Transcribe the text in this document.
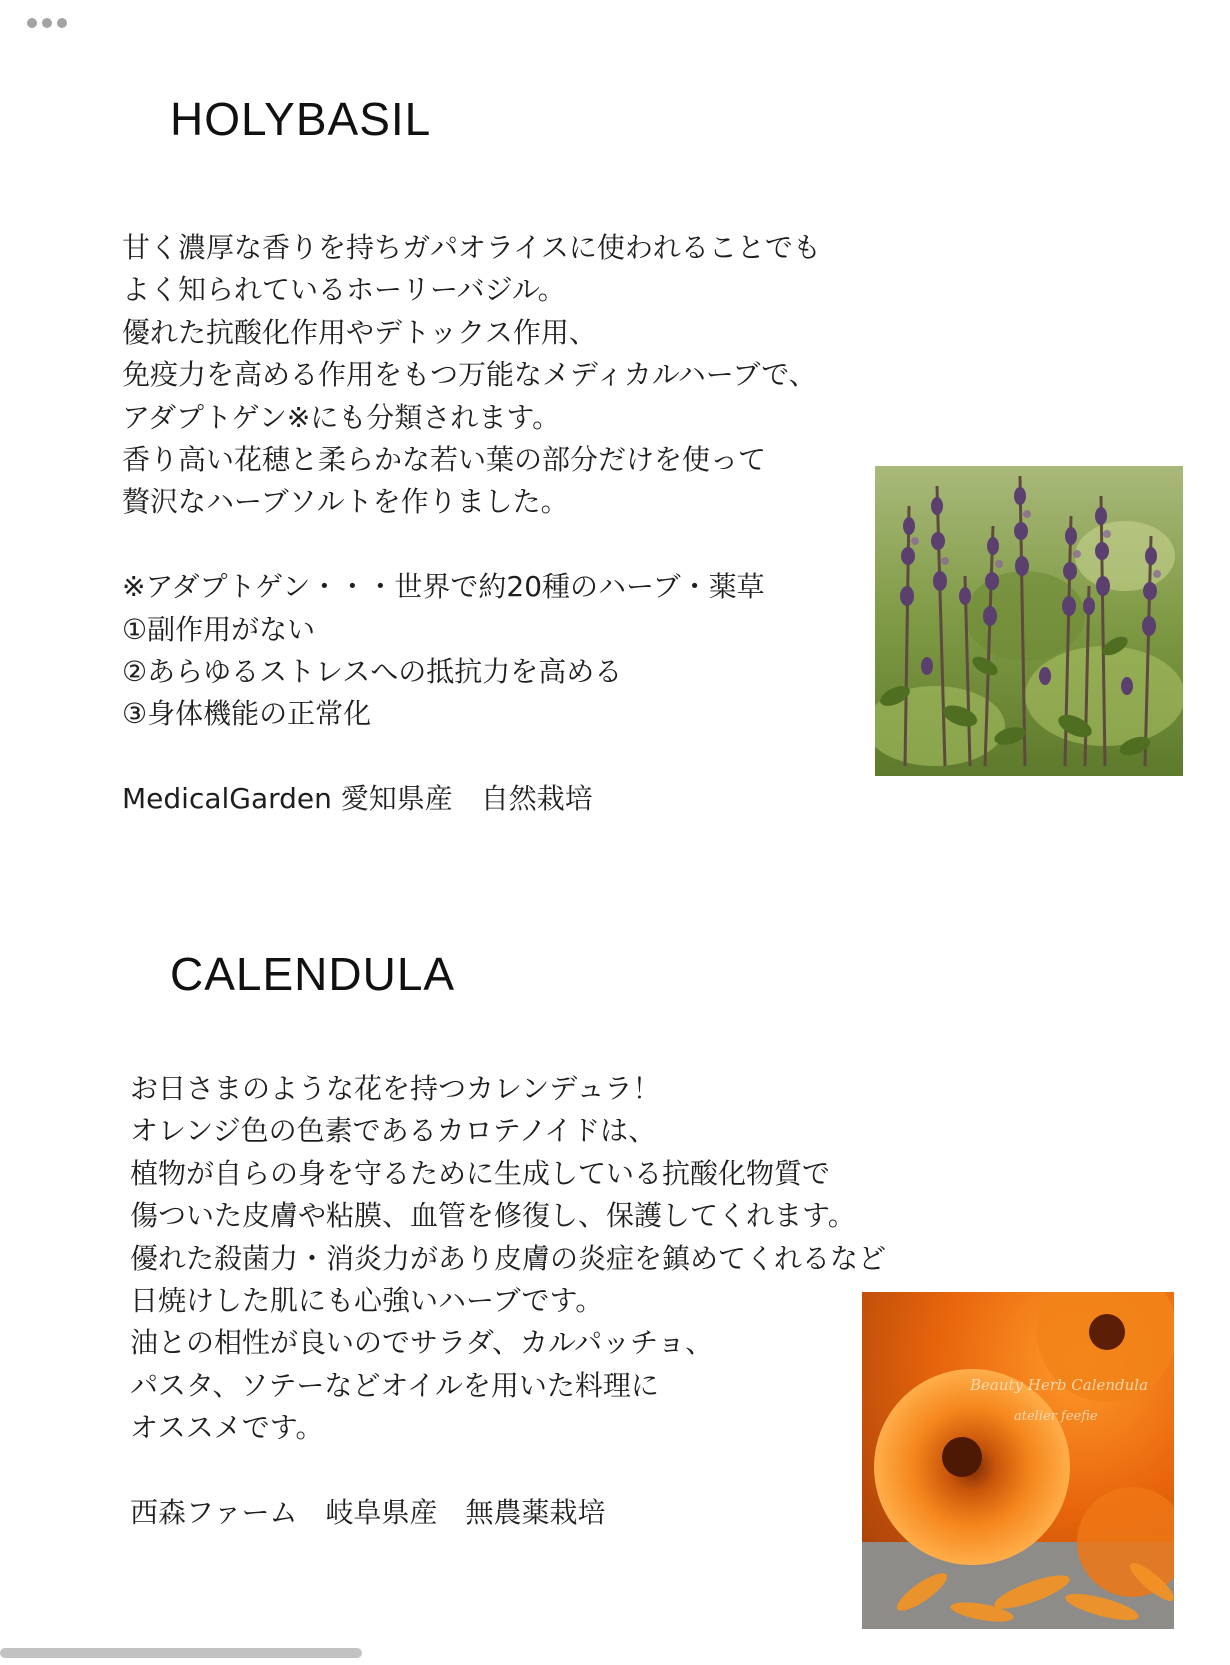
HOLYBASIL
甘く濃厚な香りを持ちガパオライスに使われることでも
よく知られているホーリーバジル。
優れた抗酸化作用やデトックス作用、
免疫力を高める作用をもつ万能なメディカルハーブで、
アダプトゲン※にも分類されます。
香り高い花穂と柔らかな若い葉の部分だけを使って
贅沢なハーブソルトを作りました。
※アダプトゲン・・・世界で約20種のハーブ・薬草
①副作用がない
②あらゆるストレスへの抵抗力を高める
③身体機能の正常化
MedicalGarden 愛知県産　自然栽培
CALENDULA
お日さまのような花を持つカレンデュラ！
オレンジ色の色素であるカロテノイドは、
植物が自らの身を守るために生成している抗酸化物質で
傷ついた皮膚や粘膜、血管を修復し、保護してくれます。
優れた殺菌力・消炎力があり皮膚の炎症を鎮めてくれるなど
日焼けした肌にも心強いハーブです。
油との相性が良いのでサラダ、カルパッチョ、
パスタ、ソテーなどオイルを用いた料理に
オススメです。
西森ファーム　岐阜県産　無農薬栽培
Beauty Herb Calendula
atelier feefie
